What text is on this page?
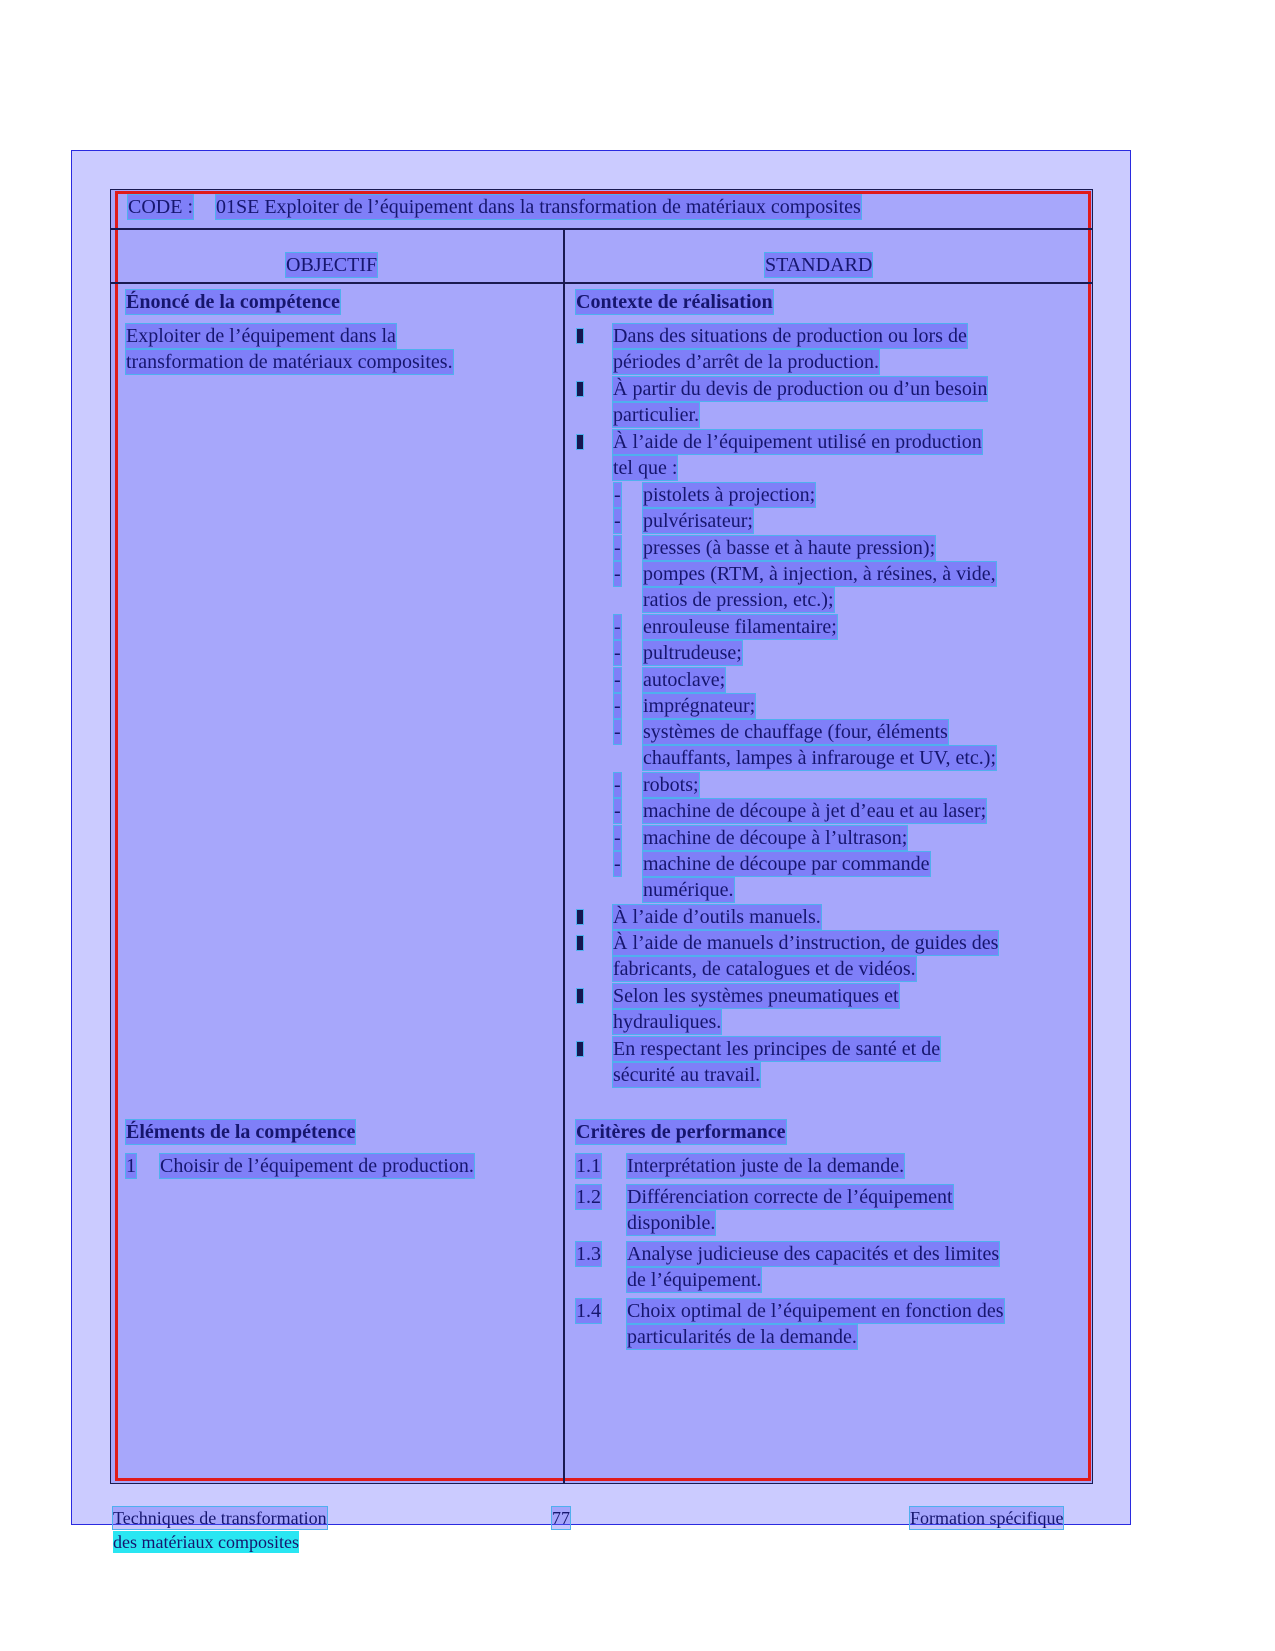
CODE : 01SE Exploiter de l’équipement dans la transformation de matériaux composites
OBJECTIF	STANDARD
Énoncé de la compétence
Exploiter de l’équipement dans la
transformation de matériaux composites.
Contexte de réalisation
Dans des situations de production ou lors de
périodes d’arrêt de la production.
À partir du devis de production ou d’un besoin
particulier.
À l’aide de l’équipement utilisé en production
tel que :
- pistolets à projection;
- pulvérisateur;
- presses (à basse et à haute pression);
- pompes (RTM, à injection, à résines, à vide,
ratios de pression, etc.);
- enrouleuse filamentaire;
- pultrudeuse;
- autoclave;
- imprégnateur;
- systèmes de chauffage (four, éléments
chauffants, lampes à infrarouge et UV, etc.);
- robots;
- machine de découpe à jet d’eau et au laser;
- machine de découpe à l’ultrason;
- machine de découpe par commande
numérique.
À l’aide d’outils manuels.
À l’aide de manuels d’instruction, de guides des
fabricants, de catalogues et de vidéos.
Selon les systèmes pneumatiques et
hydrauliques.
En respectant les principes de santé et de
sécurité au travail.
Éléments de la compétence
1 Choisir de l’équipement de production.
Critères de performance
1.1 Interprétation juste de la demande.
1.2 Différenciation correcte de l’équipement
disponible.
1.3 Analyse judicieuse des capacités et des limites
de l’équipement.
1.4 Choix optimal de l’équipement en fonction des
particularités de la demande.
Techniques de transformation
des matériaux composites
77	Formation spécifique
